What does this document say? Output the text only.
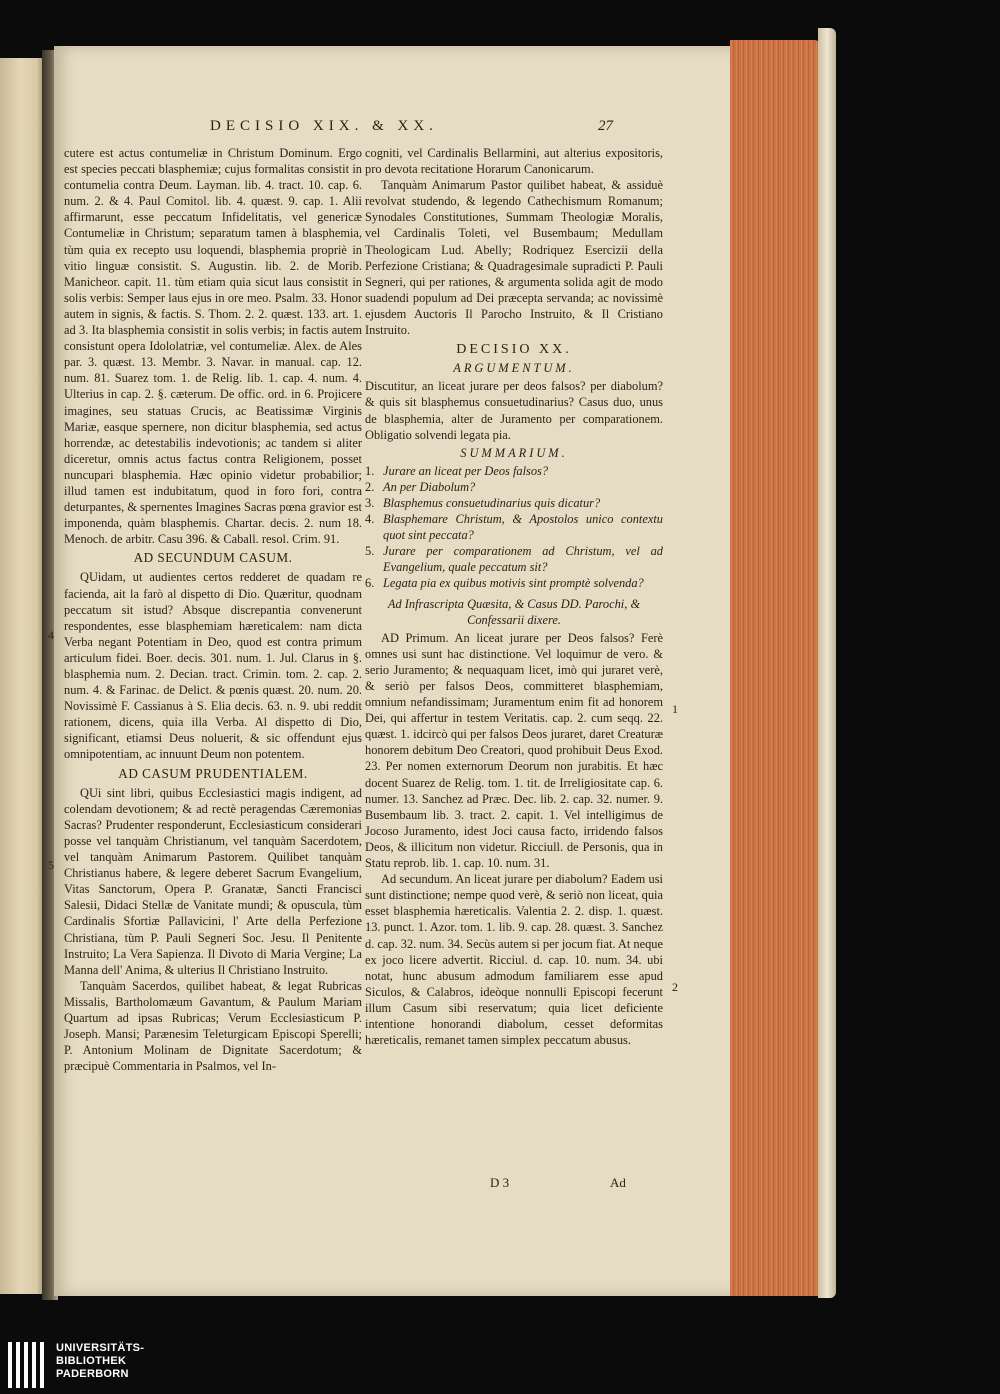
DECISIO XIX. & XX.	27

cutere est actus contumeliæ in Christum Dominum. Ergo est species peccati blasphemiæ; cujus formalitas consistit in contumelia contra Deum. Layman. lib. 4. tract. 10. cap. 6. num. 2. & 4. Paul Comitol. lib. 4. quæst. 9. cap. 1. Alii affirmarunt, esse peccatum Infidelitatis, vel genericæ Contumeliæ in Christum; separatum tamen à blasphemia, tùm quia ex recepto usu loquendi, blasphemia propriè in vitio linguæ consistit. S. Augustin. lib. 2. de Morib. Manicheor. capit. 11. tùm etiam quia sicut laus consistit in solis verbis: Semper laus ejus in ore meo. Psalm. 33. Honor autem in signis, & factis. S. Thom. 2. 2. quæst. 133. art. 1. ad 3. Ita blasphemia consistit in solis verbis; in factis autem consistunt opera Idololatriæ, vel contumeliæ. Alex. de Ales par. 3. quæst. 13. Membr. 3. Navar. in manual. cap. 12. num. 81. Suarez tom. 1. de Relig. lib. 1. cap. 4. num. 4. Ulterius in cap. 2. §. cæterum. De offic. ord. in 6. Projicere imagines, seu statuas Crucis, ac Beatissimæ Virginis Mariæ, easque spernere, non dicitur blasphemia, sed actus horrendæ, ac detestabilis indevotionis; ac tandem si aliter diceretur, omnis actus factus contra Religionem, posset nuncupari blasphemia. Hæc opinio videtur probabilior; illud tamen est indubitatum, quod in foro fori, contra deturpantes, & spernentes Imagines Sacras pœna gravior est imponenda, quàm blasphemis. Chartar. decis. 2. num 18. Menoch. de arbitr. Casu 396. & Caball. resol. Crim. 91.

AD SECUNDUM CASUM.

QUidam, ut audientes certos redderet de quadam re facienda, ait la farò al dispetto di Dio. Quæritur, quodnam peccatum sit istud? Absque discrepantia convenerunt respondentes, esse blasphemiam hæreticalem: nam dicta Verba negant Potentiam in Deo, quod est contra primum articulum fidei. Boer. decis. 301. num. 1. Jul. Clarus in §. blasphemia num. 2. Decian. tract. Crimin. tom. 2. cap. 2. num. 4. & Farinac. de Delict. & pœnis quæst. 20. num. 20. Novissimè F. Cassianus à S. Elia decis. 63. n. 9. ubi reddit rationem, dicens, quia illa Verba. Al dispetto di Dio, significant, etiamsi Deus noluerit, & sic offendunt ejus omnipotentiam, ac innuunt Deum non potentem.

AD CASUM PRUDENTIALEM.

QUi sint libri, quibus Ecclesiastici magis indigent, ad colendam devotionem; & ad rectè peragendas Cæremonias Sacras? Prudenter responderunt, Ecclesiasticum considerari posse vel tanquàm Christianum, vel tanquàm Sacerdotem, vel tanquàm Animarum Pastorem. Quilibet tanquàm Christianus habere, & legere deberet Sacrum Evangelium, Vitas Sanctorum, Opera P. Granatæ, Sancti Francisci Salesii, Didaci Stellæ de Vanitate mundi; & opuscula, tùm Cardinalis Sfortiæ Pallavicini, l' Arte della Perfezione Christiana, tùm P. Pauli Segneri Soc. Jesu. Il Penitente Instruito; La Vera Sapienza. Il Divoto di Maria Vergine; La Manna dell' Anima, & ulterius Il Christiano Instruito.

Tanquàm Sacerdos, quilibet habeat, & legat Rubricas Missalis, Bartholomæum Gavantum, & Paulum Mariam Quartum ad ipsas Rubricas; Verum Ecclesiasticum P. Joseph. Mansi; Parænesim Teleturgicam Episcopi Sperelli; P. Antonium Molinam de Dignitate Sacerdotum; & præcipuè Commentaria in Psalmos, vel In-

4
5

cogniti, vel Cardinalis Bellarmini, aut alterius expositoris, pro devota recitatione Horarum Canonicarum.

Tanquàm Animarum Pastor quilibet habeat, & assiduè revolvat studendo, & legendo Cathechismum Romanum; Synodales Constitutiones, Summam Theologiæ Moralis, vel Cardinalis Toleti, vel Busembaum; Medullam Theologicam Lud. Abelly; Rodriquez Esercizii della Perfezione Cristiana; & Quadragesimale supradicti P. Pauli Segneri, qui per rationes, & argumenta solida agit de modo suadendi populum ad Dei præcepta servanda; ac novissimè ejusdem Auctoris Il Parocho Instruito, & Il Cristiano Instruito.

DECISIO XX.

ARGUMENTUM.

Discutitur, an liceat jurare per deos falsos? per diabolum? & quis sit blasphemus consuetudinarius? Casus duo, unus de blasphemia, alter de Juramento per comparationem. Obligatio solvendi legata pia.

SUMMARIUM.

1. Jurare an liceat per Deos falsos?
2. An per Diabolum?
3. Blasphemus consuetudinarius quis dicatur?
4. Blasphemare Christum, & Apostolos unico contextu quot sint peccata?
5. Jurare per comparationem ad Christum, vel ad Evangelium, quale peccatum sit?
6. Legata pia ex quibus motivis sint promptè solvenda?

Ad Infrascripta Quæsita, & Casus DD. Parochi, & Confessarii dixere.

AD Primum. An liceat jurare per Deos falsos? Ferè omnes usi sunt hac distinctione. Vel loquimur de vero. & serio Juramento; & nequaquam licet, imò qui juraret verè, & seriò per falsos Deos, committeret blasphemiam, omnium nefandissimam; Juramentum enim fit ad honorem Dei, qui affertur in testem Veritatis. cap. 2. cum seqq. 22. quæst. 1. idcircò qui per falsos Deos juraret, daret Creaturæ honorem debitum Deo Creatori, quod prohibuit Deus Exod. 23. Per nomen externorum Deorum non jurabitis. Et hæc docent Suarez de Relig. tom. 1. tit. de Irreligiositate cap. 6. numer. 13. Sanchez ad Præc. Dec. lib. 2. cap. 32. numer. 9. Busembaum lib. 3. tract. 2. capit. 1. Vel intelligimus de Jocoso Juramento, idest Joci causa facto, irridendo falsos Deos, & illicitum non videtur. Ricciull. de Personis, qua in Statu reprob. lib. 1. cap. 10. num. 31.

Ad secundum. An liceat jurare per diabolum? Eadem usi sunt distinctione; nempe quod verè, & seriò non liceat, quia esset blasphemia hæreticalis. Valentia 2. 2. disp. 1. quæst. 13. punct. 1. Azor. tom. 1. lib. 9. cap. 28. quæst. 3. Sanchez d. cap. 32. num. 34. Secùs autem si per jocum fiat. At neque ex joco licere advertit. Ricciul. d. cap. 10. num. 34. ubi notat, hunc abusum admodum familiarem esse apud Siculos, & Calabros, ideòque nonnulli Episcopi fecerunt illum Casum sibi reservatum; quia licet deficiente intentione honorandi diabolum, cesset deformitas hæreticalis, remanet tamen simplex peccatum abusus.

1
2
D 3	Ad
UNIVERSITÄTS-
BIBLIOTHEK
PADERBORN
